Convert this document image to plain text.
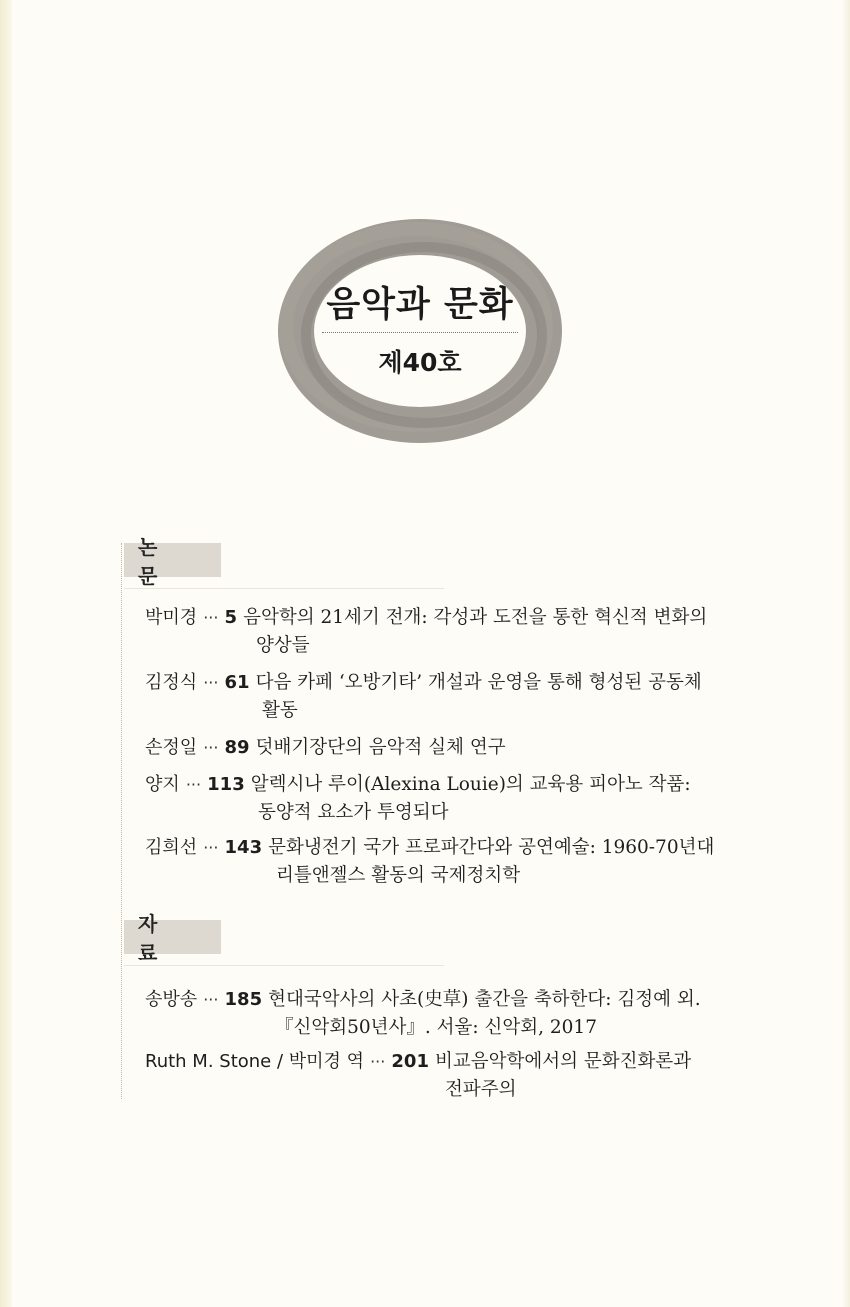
음악과 문화
제40호
논 문
박미경 ··· 5 음악학의 21세기 전개: 각성과 도전을 통한 혁신적 변화의
양상들
김정식 ··· 61 다음 카페 ‘오방기타’ 개설과 운영을 통해 형성된 공동체
활동
손정일 ··· 89 덧배기장단의 음악적 실체 연구
양지 ··· 113 알렉시나 루이(Alexina Louie)의 교육용 피아노 작품:
동양적 요소가 투영되다
김희선 ··· 143 문화냉전기 국가 프로파간다와 공연예술: 1960-70년대
리틀앤젤스 활동의 국제정치학
자 료
송방송 ··· 185 현대국악사의 사초(史草) 출간을 축하한다: 김정예 외.
『신악회50년사』. 서울: 신악회, 2017
Ruth M. Stone / 박미경 역 ··· 201 비교음악학에서의 문화진화론과
전파주의
